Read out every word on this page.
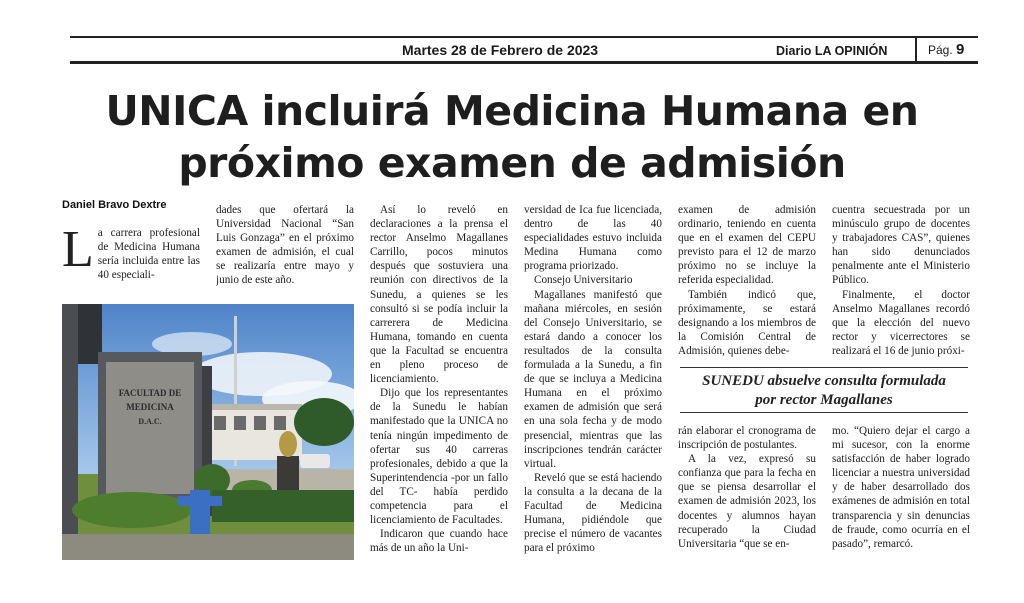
Martes 28 de Febrero de 2023	Diario LA OPINIÓN	Pág. 9
UNICA incluirá Medicina Humana en
próximo examen de admisión
Daniel Bravo Dextre
L a carrera profesional de Medicina Humana sería incluida entre las 40 especiali-

dades que ofertará la Universidad Nacional “San Luis Gonzaga” en el próximo examen de admisión, el cual se realizaría entre mayo y junio de este año.

FACULTAD DE
MEDICINA
D.A.C.

Así lo reveló en declaraciones a la prensa el rector Anselmo Magallanes Carrillo, pocos minutos después que sostuviera una reunión con directivos de la Sunedu, a quienes se les consultó si se podía incluir la carrerera de Medicina Humana, tomando en cuenta que la Facultad se encuentra en pleno proceso de licenciamiento.

Dijo que los representantes de la Sunedu le habían manifestado que la UNICA no tenía ningún impedimento de ofertar sus 40 carreras profesionales, debido a que la Superintendencia -por un fallo del TC- había perdido competencia para el licenciamiento de Facultades.

Indicaron que cuando hace más de un año la Uni-

versidad de Ica fue licenciada, dentro de las 40 especialidades estuvo incluida Medina Humana como programa priorizado.

Consejo Universitario

Magallanes manifestó que mañana miércoles, en sesión del Consejo Universitario, se estará dando a conocer los resultados de la consulta formulada a la Sunedu, a fin de que se incluya a Medicina Humana en el próximo examen de admisión que será en una sola fecha y de modo presencial, mientras que las inscripciones tendrán carácter virtual.

Reveló que se está haciendo la consulta a la decana de la Facultad de Medicina Humana, pidiéndole que precise el número de vacantes para el próximo

examen de admisión ordinario, teniendo en cuenta que en el examen del CEPU previsto para el 12 de marzo próximo no se incluye la referida especialidad.

También indicó que, próximamente, se estará designando a los miembros de la Comisión Central de Admisión, quienes debe-

cuentra secuestrada por un minúsculo grupo de docentes y trabajadores CAS”, quienes han sido denunciados penalmente ante el Ministerio Público.

Finalmente, el doctor Anselmo Magallanes recordó que la elección del nuevo rector y vicerrectores se realizará el 16 de junio próxi-

SUNEDU absuelve consulta formulada
por rector Magallanes

rán elaborar el cronograma de inscripción de postulantes.

A la vez, expresó su confianza que para la fecha en que se piensa desarrollar el examen de admisión 2023, los docentes y alumnos hayan recuperado la Ciudad Universitaria “que se en-

mo. “Quiero dejar el cargo a mi sucesor, con la enorme satisfacción de haber logrado licenciar a nuestra universidad y de haber desarrollado dos exámenes de admisión en total transparencia y sin denuncias de fraude, como ocurría en el pasado”, remarcó.
